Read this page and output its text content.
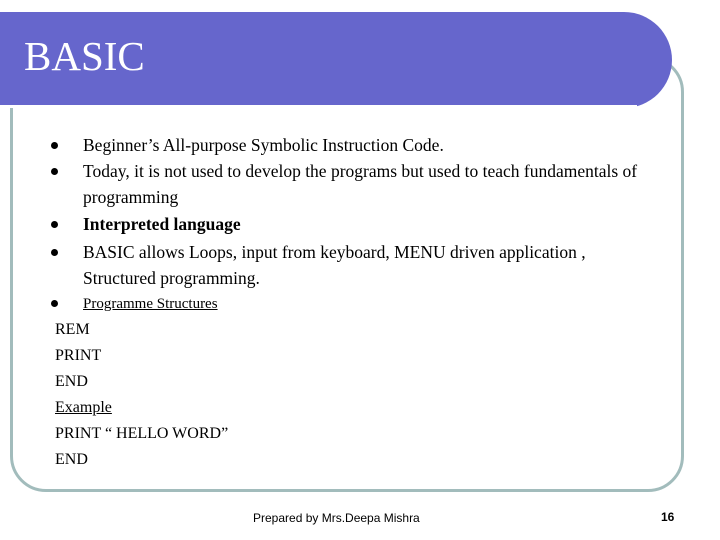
BASIC
Beginner’s All-purpose Symbolic Instruction Code.
Today, it is not used to develop the programs but used to teach fundamentals of programming
Interpreted language
BASIC allows Loops, input from keyboard, MENU driven application , Structured programming.
Programme Structures
REM
PRINT
END
Example
PRINT “ HELLO WORD”
END
Prepared by Mrs.Deepa Mishra	16
